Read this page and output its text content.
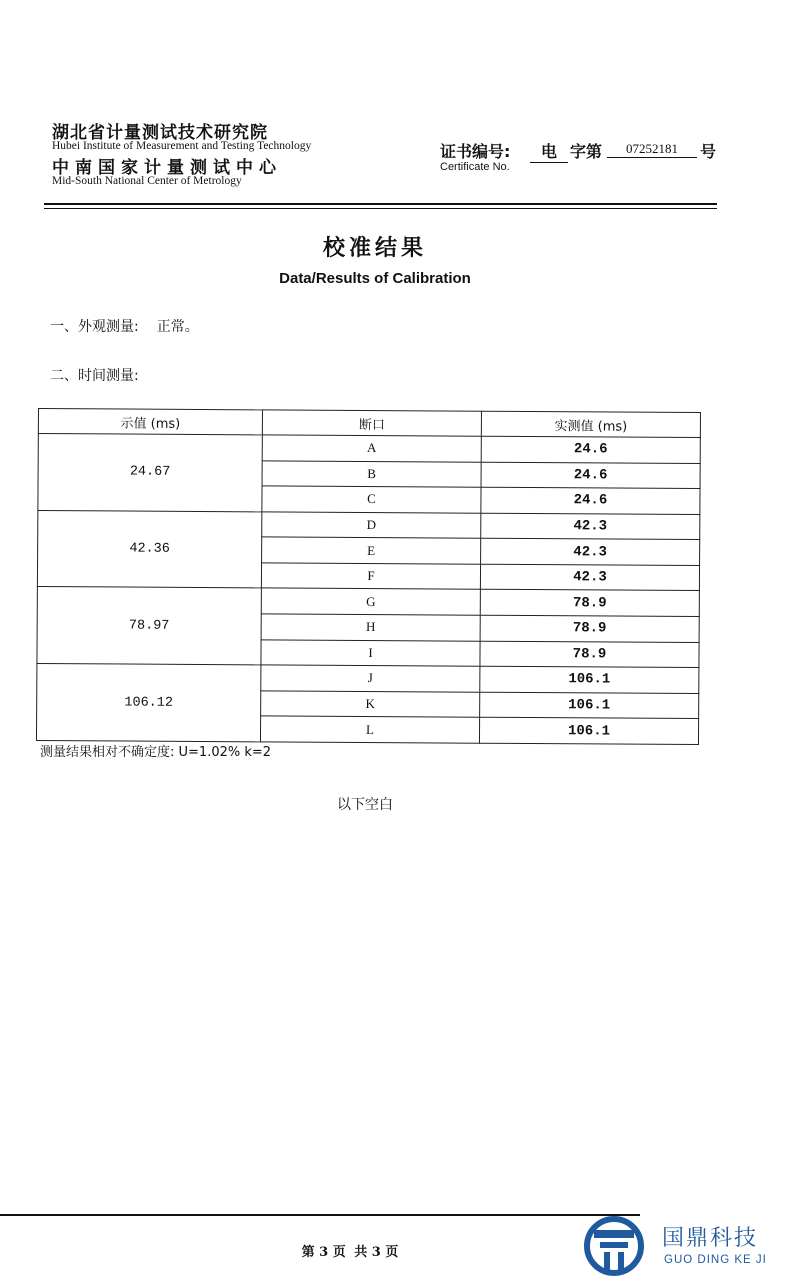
湖北省计量测试技术研究院
Hubei Institute of Measurement and Testing Technology
中南国家计量测试中心
Mid-South National Center of Metrology
证书编号:	电 字第	07252181	号
Certificate No.
校准结果
Data/Results of Calibration
一、外观测量: 正常。
二、时间测量:
示值 (ms)	断口	实测值 (ms)
24.67	A	24.6
	B	24.6
	C	24.6
42.36	D	42.3
	E	42.3
	F	42.3
78.97	G	78.9
	H	78.9
	I	78.9
106.12	J	106.1
	K	106.1
	L	106.1
测量结果相对不确定度: U=1.02% k=2
以下空白
第 3 页 共 3 页
国鼎科技
GUO DING KE JI
